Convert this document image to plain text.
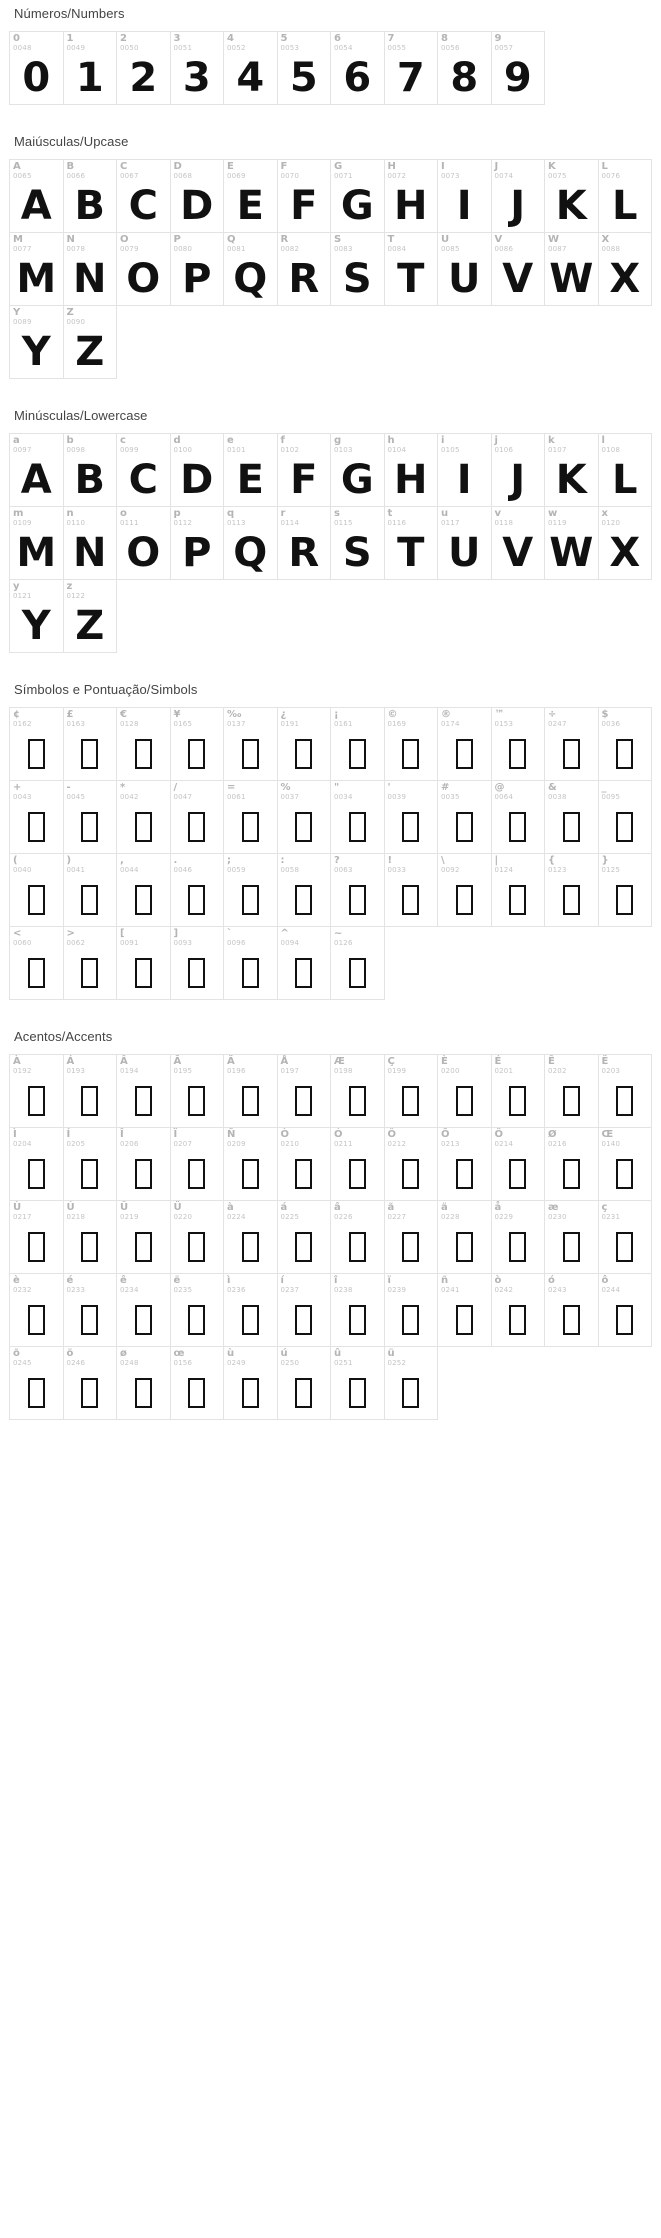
Números/Numbers
0
0048
0
1
0049
1
2
0050
2
3
0051
3
4
0052
4
5
0053
5
6
0054
6
7
0055
7
8
0056
8
9
0057
9
Maiúsculas/Upcase
A
0065
A
B
0066
B
C
0067
C
D
0068
D
E
0069
E
F
0070
F
G
0071
G
H
0072
H
I
0073
I
J
0074
J
K
0075
K
L
0076
L
M
0077
M
N
0078
N
O
0079
O
P
0080
P
Q
0081
Q
R
0082
R
S
0083
S
T
0084
T
U
0085
U
V
0086
V
W
0087
W
X
0088
X
Y
0089
Y
Z
0090
Z
Minúsculas/Lowercase
a
0097
A
b
0098
B
c
0099
C
d
0100
D
e
0101
E
f
0102
F
g
0103
G
h
0104
H
i
0105
I
j
0106
J
k
0107
K
l
0108
L
m
0109
M
n
0110
N
o
0111
O
p
0112
P
q
0113
Q
r
0114
R
s
0115
S
t
0116
T
u
0117
U
v
0118
V
w
0119
W
x
0120
X
y
0121
Y
z
0122
Z
Símbolos e Pontuação/Simbols
¢
0162
£
0163
€
0128
¥
0165
‰
0137
¿
0191
¡
0161
©
0169
®
0174
™
0153
÷
0247
$
0036
+
0043
-
0045
*
0042
/
0047
=
0061
%
0037
"
0034
'
0039
#
0035
@
0064
&
0038
_
0095
(
0040
)
0041
,
0044
.
0046
;
0059
:
0058
?
0063
!
0033
\
0092
|
0124
{
0123
}
0125
<
0060
>
0062
[
0091
]
0093
`
0096
^
0094
~
0126
Acentos/Accents
À
0192
Á
0193
Â
0194
Ã
0195
Ä
0196
Å
0197
Æ
0198
Ç
0199
È
0200
É
0201
Ê
0202
Ë
0203
Ì
0204
Í
0205
Î
0206
Ï
0207
Ñ
0209
Ò
0210
Ó
0211
Ô
0212
Õ
0213
Ö
0214
Ø
0216
Œ
0140
Ù
0217
Ú
0218
Û
0219
Ü
0220
à
0224
á
0225
â
0226
ã
0227
ä
0228
å
0229
æ
0230
ç
0231
è
0232
é
0233
ê
0234
ë
0235
ì
0236
í
0237
î
0238
ï
0239
ñ
0241
ò
0242
ó
0243
ô
0244
õ
0245
ö
0246
ø
0248
œ
0156
ù
0249
ú
0250
û
0251
ü
0252
